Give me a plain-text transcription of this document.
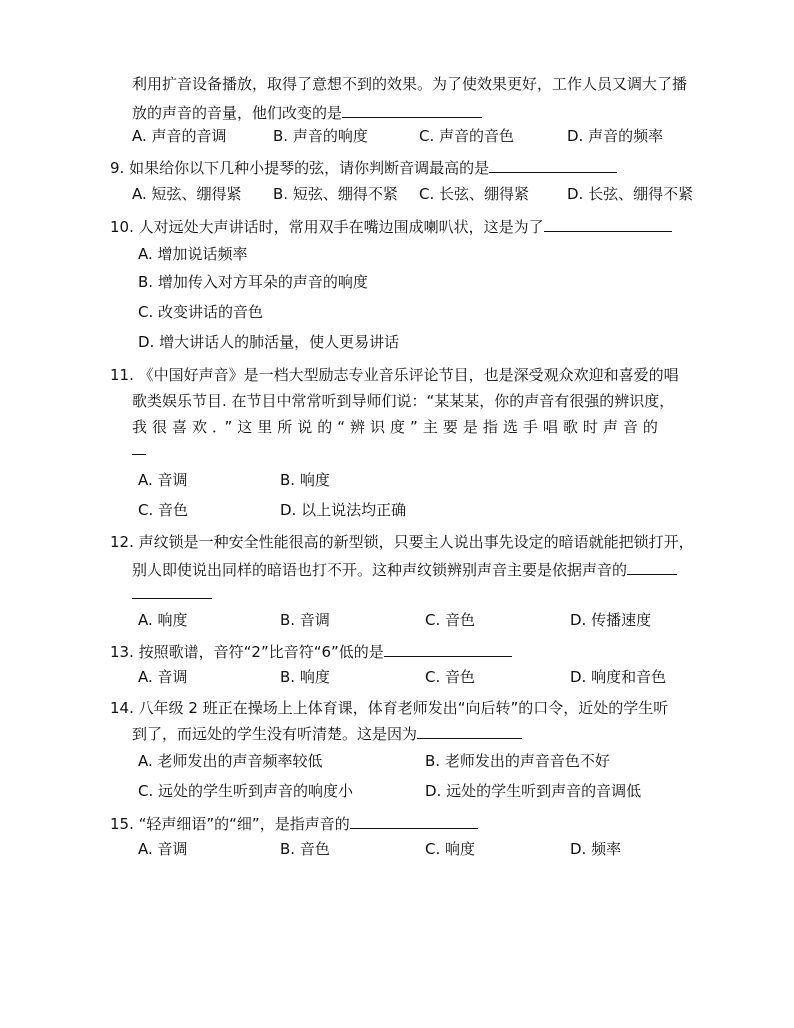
利用扩音设备播放，取得了意想不到的效果。为了使效果更好，工作人员又调大了播
放的声音的音量，他们改变的是
A. 声音的音调	B. 声音的响度	C. 声音的音色	D. 声音的频率
9. 如果给你以下几种小提琴的弦，请你判断音调最高的是
A. 短弦、绷得紧 B. 短弦、绷得不紧 C. 长弦、绷得紧	D. 长弦、绷得不紧
10. 人对远处大声讲话时，常用双手在嘴边围成喇叭状，这是为了
A. 增加说话频率
B. 增加传入对方耳朵的声音的响度
C. 改变讲话的音色
D. 增大讲话人的肺活量，使人更易讲话
11. 《中国好声音》是一档大型励志专业音乐评论节目，也是深受观众欢迎和喜爱的唱
歌类娱乐节目. 在节目中常常听到导师们说：“某某某，你的声音有很强的辨识度，
我很喜欢．”这里所说的“辨识度”主要是指选手唱歌时声音的
A. 音调	B. 响度
C. 音色	D. 以上说法均正确
12. 声纹锁是一种安全性能很高的新型锁，只要主人说出事先设定的暗语就能把锁打开，
别人即使说出同样的暗语也打不开。这种声纹锁辨别声音主要是依据声音的
A. 响度	B. 音调	C. 音色	D. 传播速度
13. 按照歌谱，音符“2”比音符“6”低的是
A. 音调	B. 响度	C. 音色	D. 响度和音色
14. 八年级 2 班正在操场上上体育课，体育老师发出“向后转”的口令，近处的学生听
到了，而远处的学生没有听清楚。这是因为
A. 老师发出的声音频率较低	B. 老师发出的声音音色不好
C. 远处的学生听到声音的响度小	D. 远处的学生听到声音的音调低
15. “轻声细语”的“细”，是指声音的
A. 音调	B. 音色	C. 响度	D. 频率
